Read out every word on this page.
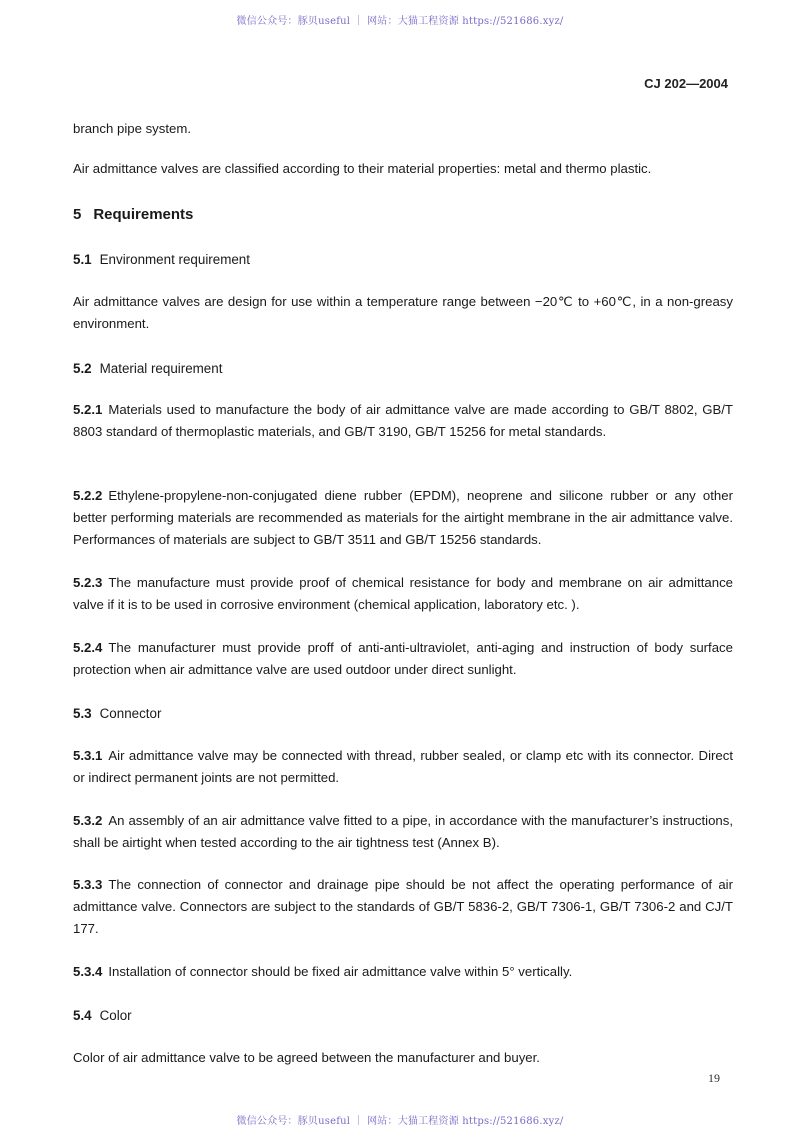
微信公众号：豚贝useful ｜ 网站：大猫工程资源 https://521686.xyz/
CJ 202—2004

branch pipe system.

Air admittance valves are classified according to their material properties: metal and thermo plastic.

5 Requirements
5.1 Environment requirement

Air admittance valves are design for use within a temperature range between −20℃ to +60℃, in a non-greasy environment.

5.2 Material requirement

5.2.1 Materials used to manufacture the body of air admittance valve are made according to GB/T 8802, GB/T 8803 standard of thermoplastic materials, and GB/T 3190, GB/T 15256 for metal standards.

5.2.2 Ethylene-propylene-non-conjugated diene rubber (EPDM), neoprene and silicone rubber or any other better performing materials are recommended as materials for the airtight membrane in the air admittance valve. Performances of materials are subject to GB/T 3511 and GB/T 15256 standards.

5.2.3 The manufacture must provide proof of chemical resistance for body and membrane on air admittance valve if it is to be used in corrosive environment (chemical application, laboratory etc. ).

5.2.4 The manufacturer must provide proff of anti-anti-ultraviolet, anti-aging and instruction of body surface protection when air admittance valve are used outdoor under direct sunlight.

5.3 Connector

5.3.1 Air admittance valve may be connected with thread, rubber sealed, or clamp etc with its connector. Direct or indirect permanent joints are not permitted.

5.3.2 An assembly of an air admittance valve fitted to a pipe, in accordance with the manufacturer’s instructions, shall be airtight when tested according to the air tightness test (Annex B).

5.3.3 The connection of connector and drainage pipe should be not affect the operating performance of air admittance valve. Connectors are subject to the standards of GB/T 5836-2, GB/T 7306-1, GB/T 7306-2 and CJ/T 177.

5.3.4 Installation of connector should be fixed air admittance valve within 5° vertically.

5.4 Color

Color of air admittance valve to be agreed between the manufacturer and buyer.

19
微信公众号：豚贝useful ｜ 网站：大猫工程资源 https://521686.xyz/
